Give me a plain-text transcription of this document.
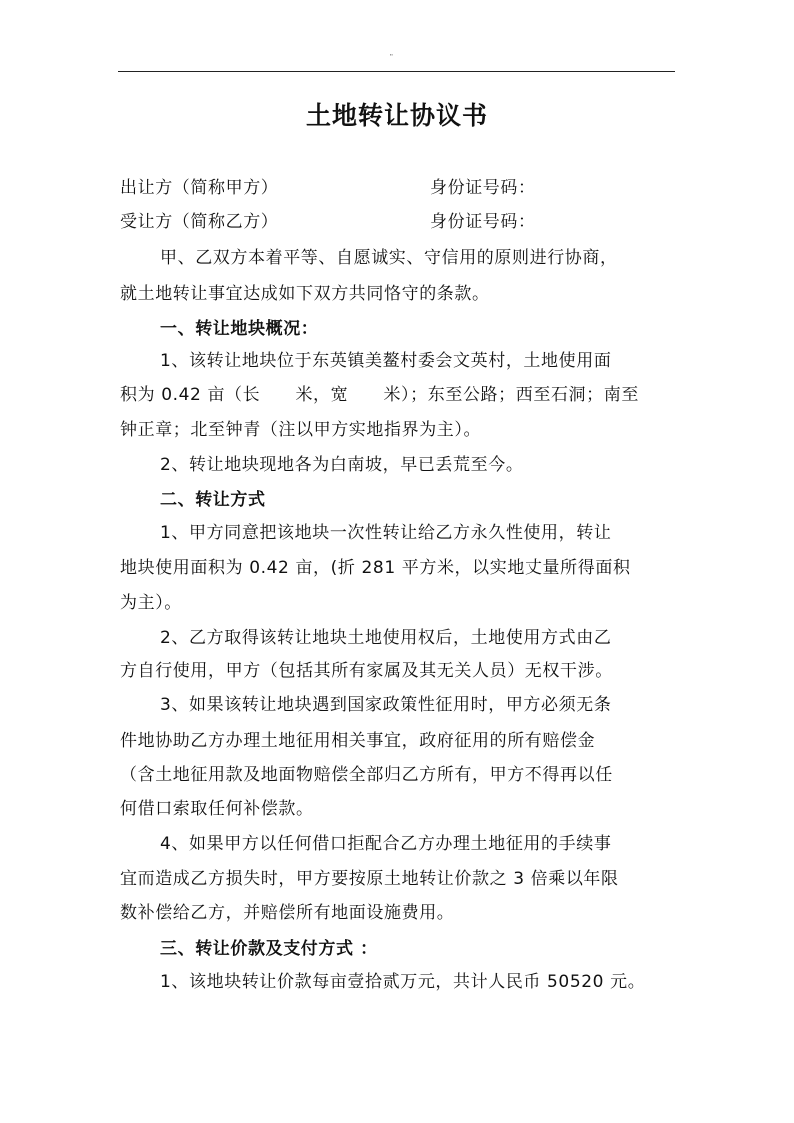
''
土地转让协议书
出让方（简称甲方）	身份证号码：
受让方（简称乙方）	身份证号码：
甲、乙双方本着平等、自愿诚实、守信用的原则进行协商，
就土地转让事宜达成如下双方共同恪守的条款。
一、转让地块概况：
1、该转让地块位于东英镇美鳌村委会文英村，土地使用面
积为 0.42 亩（长　　米，宽　　米）；东至公路；西至石洞；南至
钟正章；北至钟青（注以甲方实地指界为主）。
2、转让地块现地各为白南坡，早已丢荒至今。
二、转让方式
1、甲方同意把该地块一次性转让给乙方永久性使用，转让
地块使用面积为 0.42 亩，(折 281 平方米，以实地丈量所得面积
为主）。
2、乙方取得该转让地块土地使用权后，土地使用方式由乙
方自行使用，甲方（包括其所有家属及其无关人员）无权干涉。
3、如果该转让地块遇到国家政策性征用时，甲方必须无条
件地协助乙方办理土地征用相关事宜，政府征用的所有赔偿金
（含土地征用款及地面物赔偿全部归乙方所有，甲方不得再以任
何借口索取任何补偿款。
4、如果甲方以任何借口拒配合乙方办理土地征用的手续事
宜而造成乙方损失时，甲方要按原土地转让价款之 3 倍乘以年限
数补偿给乙方，并赔偿所有地面设施费用。
三、转让价款及支付方式 ：
1、该地块转让价款每亩壹拾贰万元，共计人民币 50520 元。
